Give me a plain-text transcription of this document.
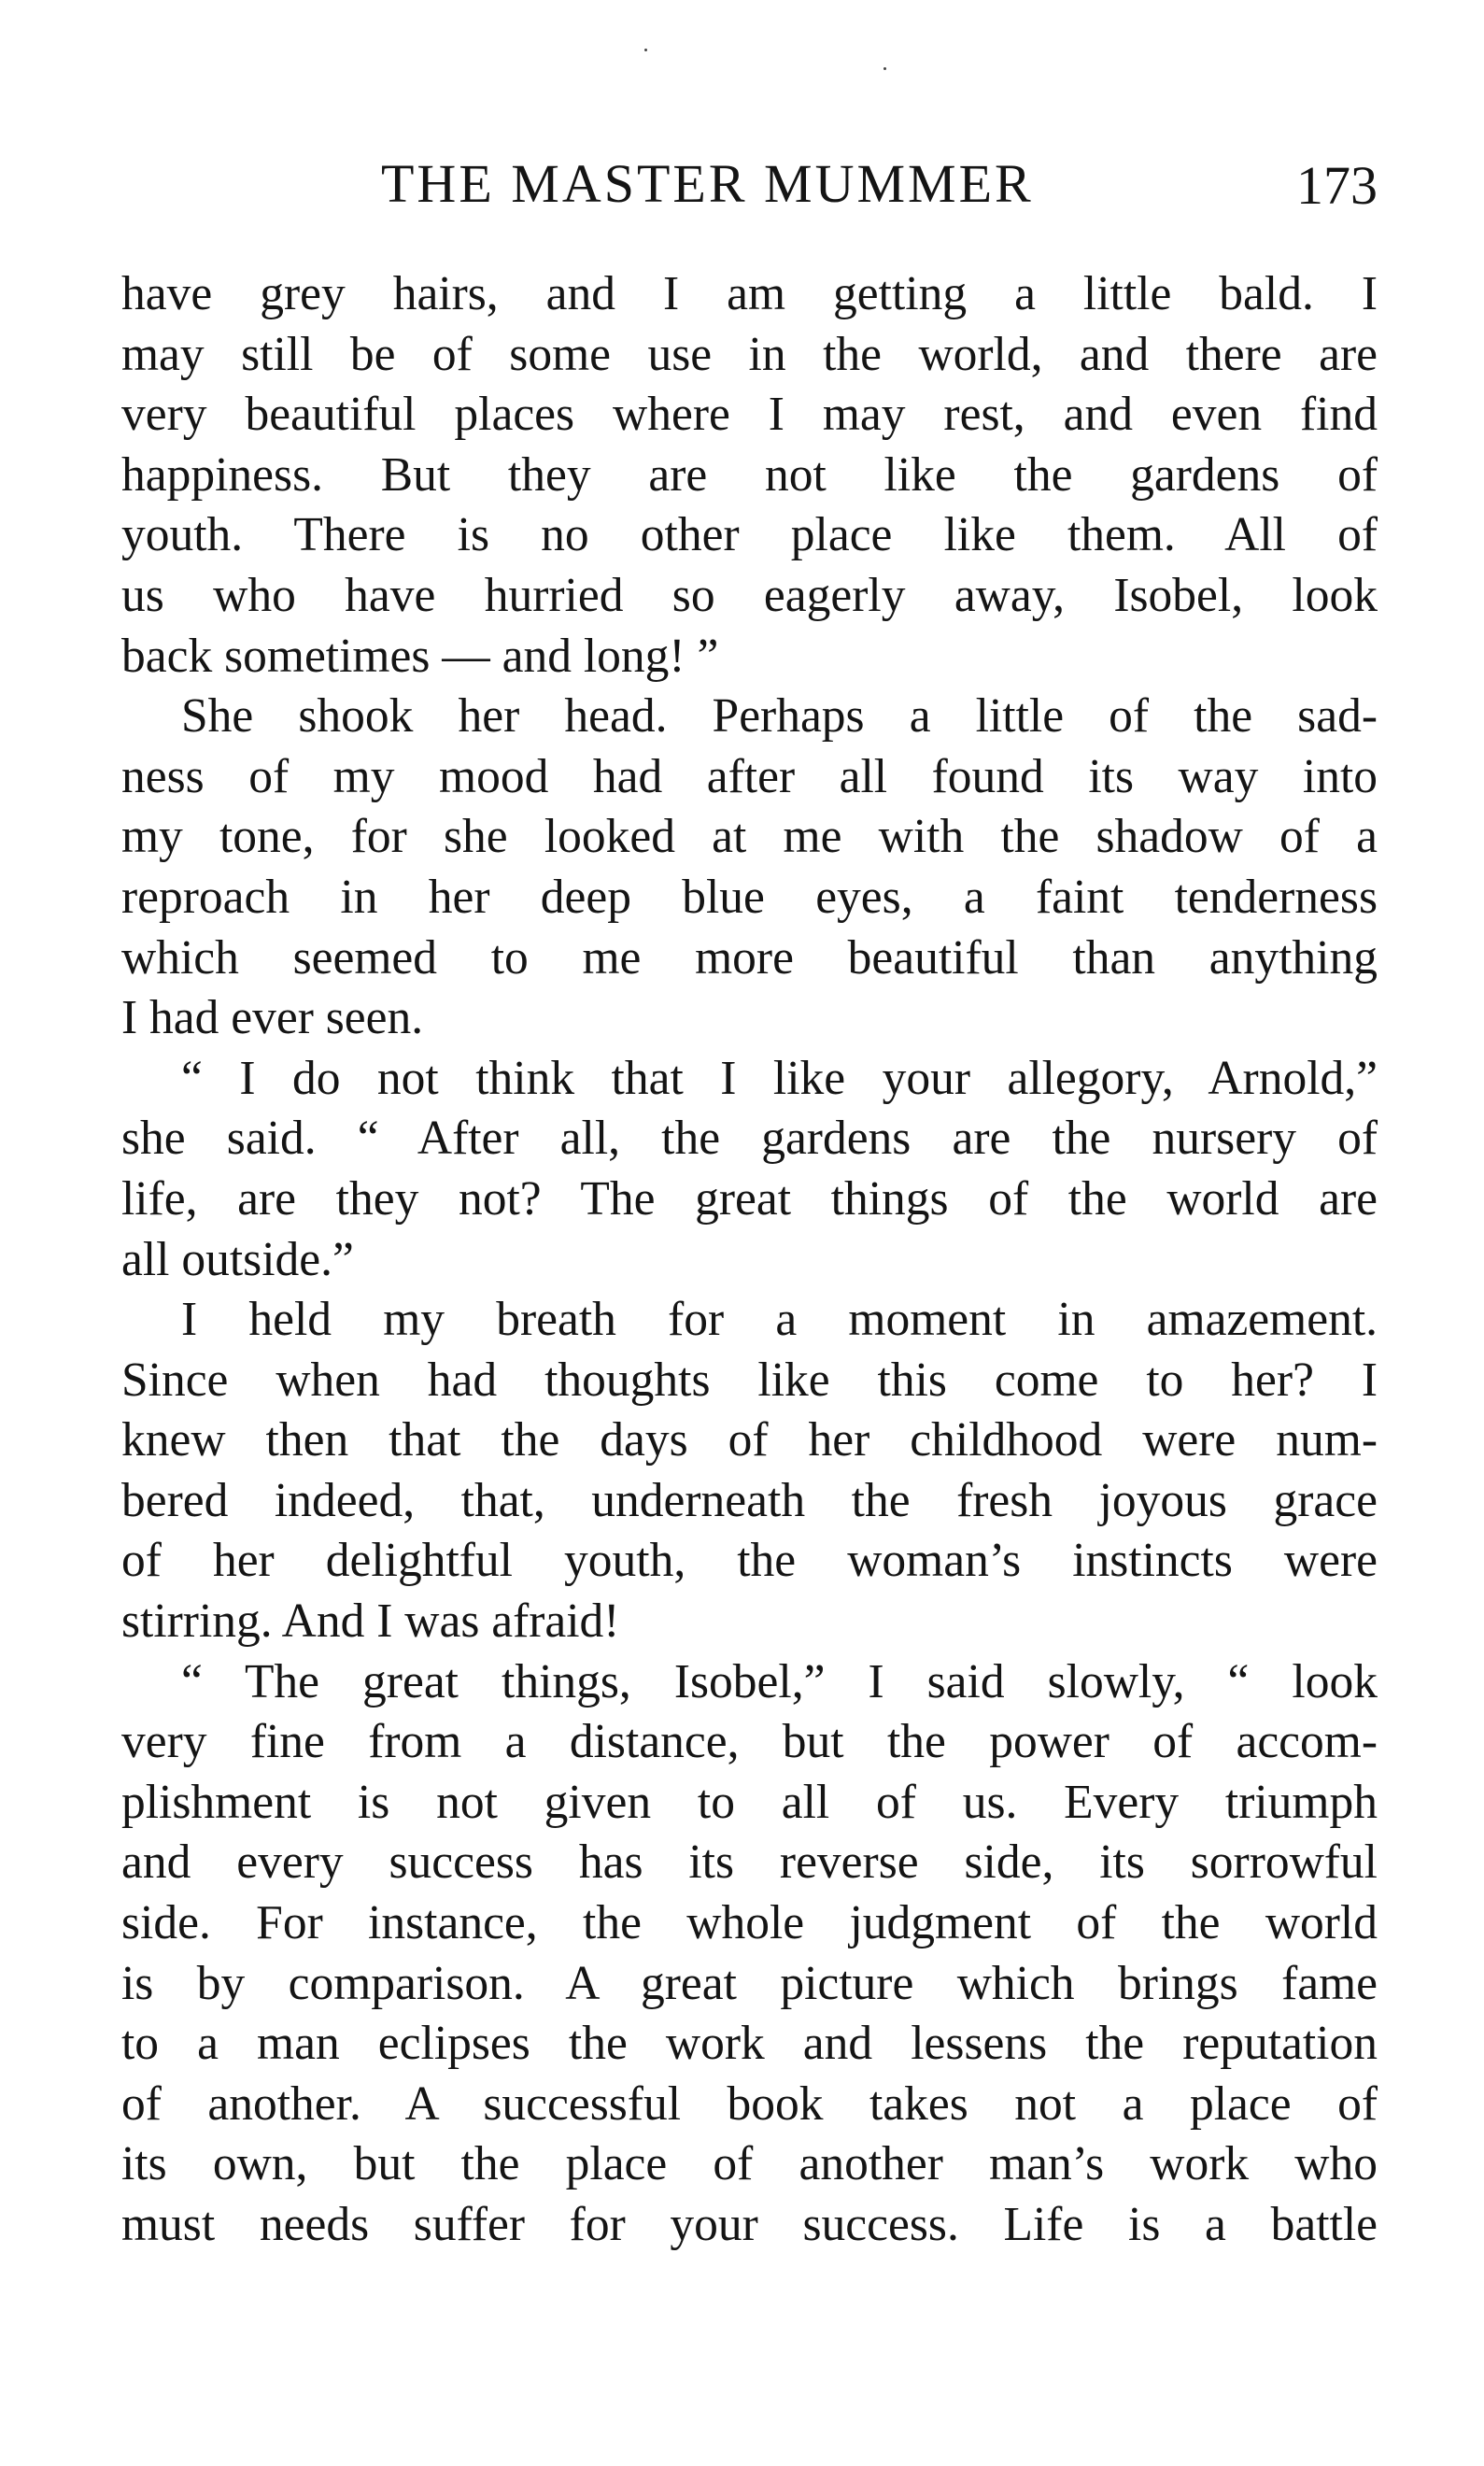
THE MASTER MUMMER	173
have grey hairs, and I am getting a little bald. I
may still be of some use in the world, and there are
very beautiful places where I may rest, and even find
happiness. But they are not like the gardens of
youth. There is no other place like them. All of
us who have hurried so eagerly away, Isobel, look
back sometimes — and long! ”
She shook her head. Perhaps a little of the sad-
ness of my mood had after all found its way into
my tone, for she looked at me with the shadow of a
reproach in her deep blue eyes, a faint tenderness
which seemed to me more beautiful than anything
I had ever seen.
“ I do not think that I like your allegory, Arnold,”
she said. “ After all, the gardens are the nursery of
life, are they not? The great things of the world are
all outside.”
I held my breath for a moment in amazement.
Since when had thoughts like this come to her? I
knew then that the days of her childhood were num-
bered indeed, that, underneath the fresh joyous grace
of her delightful youth, the woman’s instincts were
stirring. And I was afraid!
“ The great things, Isobel,” I said slowly, “ look
very fine from a distance, but the power of accom-
plishment is not given to all of us. Every triumph
and every success has its reverse side, its sorrowful
side. For instance, the whole judgment of the world
is by comparison. A great picture which brings fame
to a man eclipses the work and lessens the reputation
of another. A successful book takes not a place of
its own, but the place of another man’s work who
must needs suffer for your success. Life is a battle
